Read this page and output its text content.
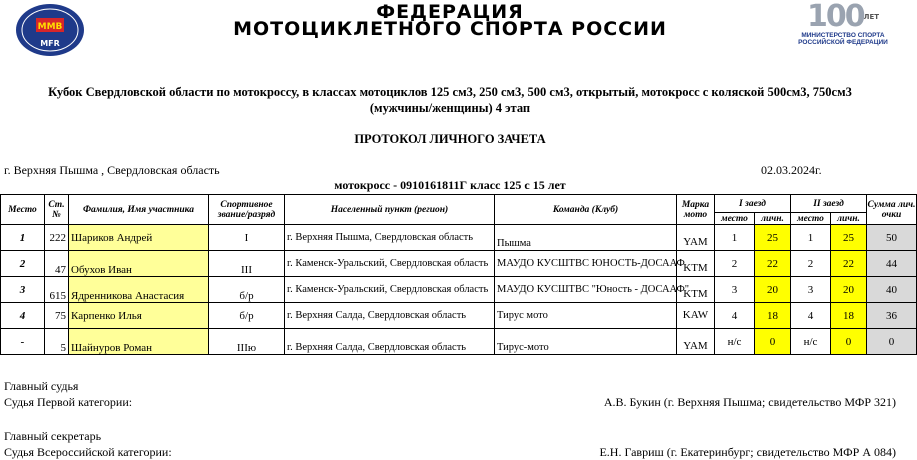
MMB
MFR
ФЕДЕРАЦИЯ
МОТОЦИКЛЕТНОГО СПОРТА РОССИИ	$100^{ЛЕТ}$
МИНИСТЕРСТВО СПОРТА
РОССИЙСКОЙ ФЕДЕРАЦИИ
Кубок Свердловской области по мотокроссу, в классах мотоциклов 125 см3, 250 см3, 500 см3, открытый, мотокросс с коляской 500см3, 750см3
(мужчины/женщины) 4 этап
ПРОТОКОЛ ЛИЧНОГО ЗАЧЕТА
г. Верхняя Пышма , Свердловская область	02.03.2024г.
мотокросс - 0910161811Г класс 125 с 15 лет
Место	Ст. №	Фамилия, Имя участника	Спортивное звание/разряд	Населенный пункт (регион)	Команда (Клуб)	Марка мото	I заезд		II заезд		Сумма лич. очки
							место	личн.	место	личн.	
1	222	Шариков Андрей	I	г. Верхняя Пышма, Свердловская область	Пышма	YAM	1	25	1	25	50
2	47	Обухов Иван	III	г. Каменск-Уральский, Свердловская область	МАУДО КУСШТВС ЮНОСТЬ-ДОСААФ	KTM	2	22	2	22	44
3	615	Ядренникова Анастасия	б/р	г. Каменск-Уральский, Свердловская область	МАУДО КУСШТВС "Юность - ДОСААФ"	KTM	3	20	3	20	40
4	75	Карпенко Илья	б/р	г. Верхняя Салда, Свердловская область	Тирус мото	KAW	4	18	4	18	36
-	5	Шайнуров Роман	IIIю	г. Верхняя Салда, Свердловская область	Тирус-мото	YAM	н/с	0	н/с	0	0
Главный судья
Судья Первой категории:	А.В. Букин (г. Верхняя Пышма; свидетельство МФР 321)
Главный секретарь
Судья Всероссийской категории:	Е.Н. Гавриш (г. Екатеринбург; свидетельство МФР А 084)
